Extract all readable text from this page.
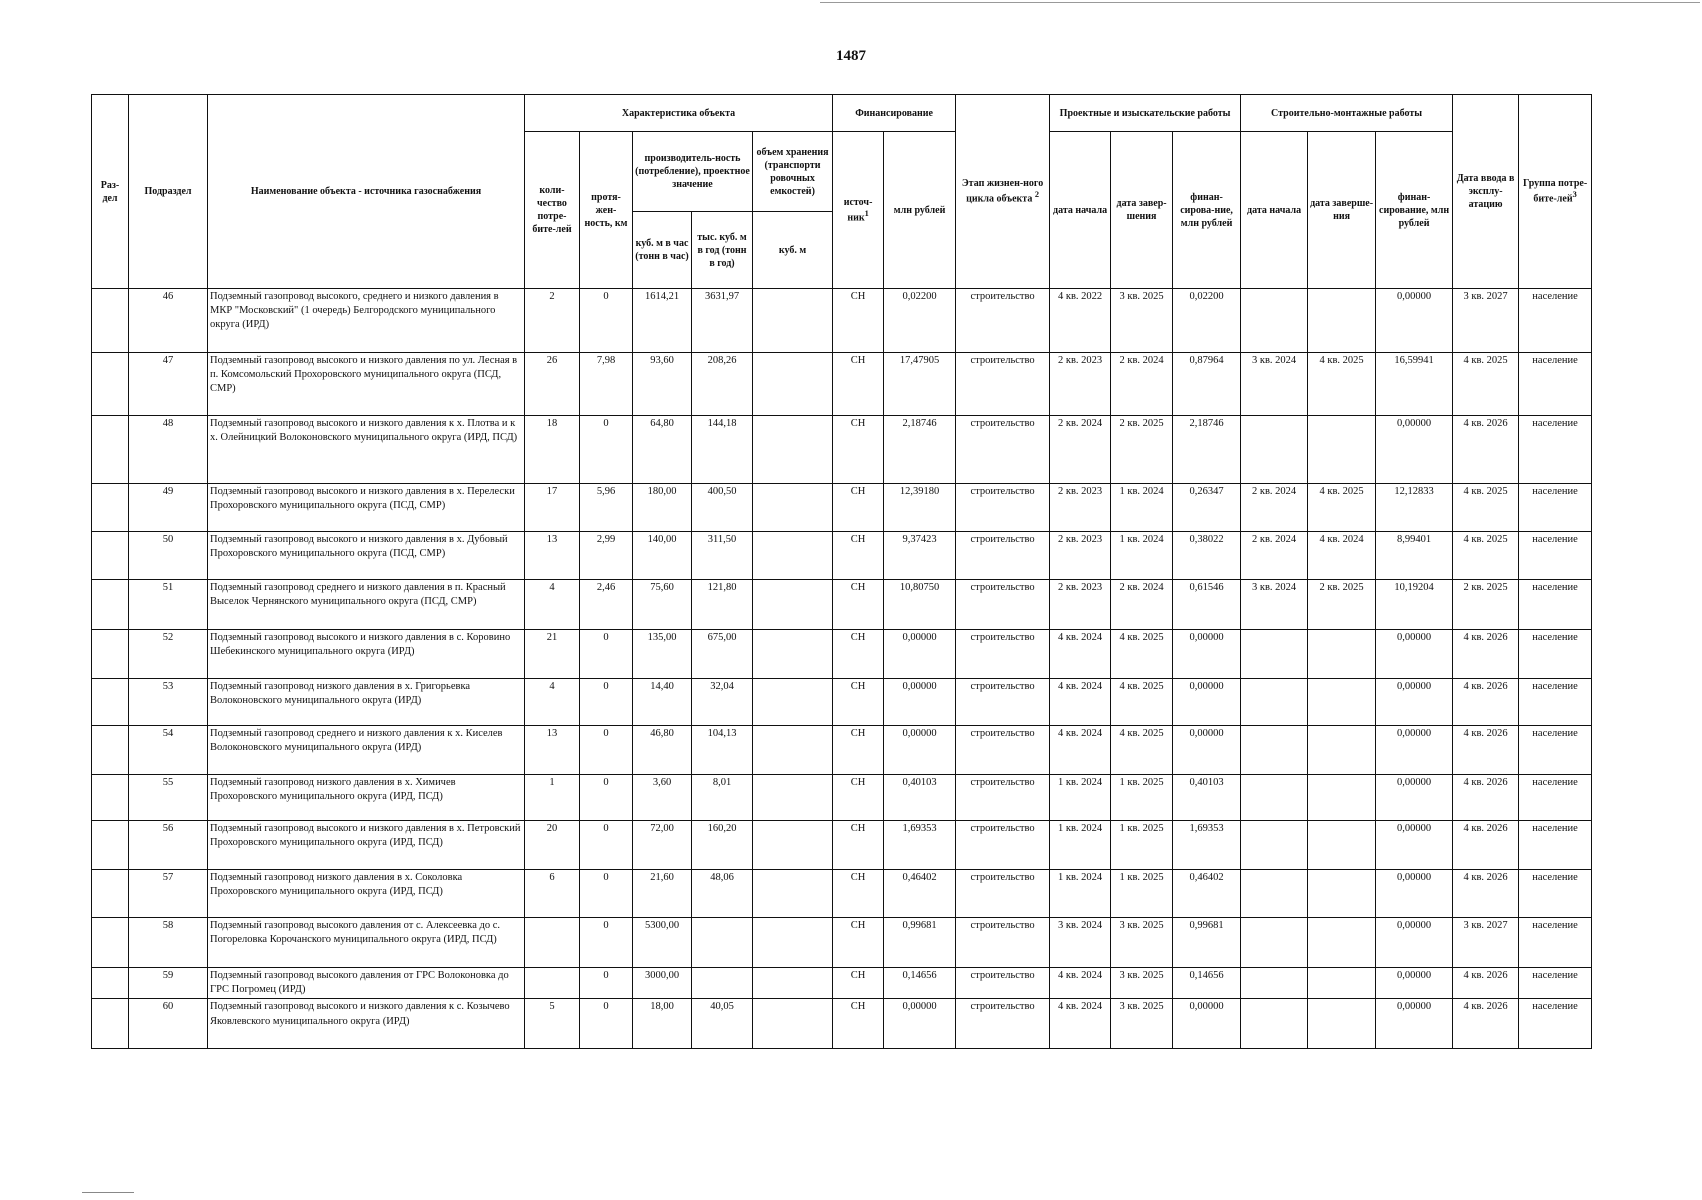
1487
Раз-дел	Подраздел	Наименование объекта - источника газоснабжения	Характеристика объекта					Финансирование		Этап жизнен-ного цикла объекта $^2$	Проектные и изыскательские работы			Строительно-монтажные работы			Дата ввода в эксплу-атацию	Группа потре-бите-лей$^3$
			коли-чество потре-бите-лей	протя-жен-ность, км	производитель-ность (потребление), проектное значение		объем хранения (транспорти ровочных емкостей)	источ-ник$^1$	млн рублей		дата начала	дата завер-шения	финан-сирова-ние, млн рублей	дата начала	дата заверше-ния	финан-сирование, млн рублей		
					куб. м в час (тонн в час)	тыс. куб. м в год (тонн в год)	куб. м											
	46	Подземный газопровод высокого, среднего и низкого давления в МКР "Московский" (1 очередь) Белгородского муниципального округа (ИРД)	2	0	1614,21	3631,97		СН	0,02200	строительство	4 кв. 2022	3 кв. 2025	0,02200			0,00000	3 кв. 2027	население
	47	Подземный газопровод высокого и низкого давления по ул. Лесная в п. Комсомольский Прохоровского муниципального округа (ПСД, СМР)	26	7,98	93,60	208,26		СН	17,47905	строительство	2 кв. 2023	2 кв. 2024	0,87964	3 кв. 2024	4 кв. 2025	16,59941	4 кв. 2025	население
	48	Подземный газопровод высокого и низкого давления к х. Плотва и к х. Олейницкий Волоконовского муниципального округа (ИРД, ПСД)	18	0	64,80	144,18		СН	2,18746	строительство	2 кв. 2024	2 кв. 2025	2,18746			0,00000	4 кв. 2026	население
	49	Подземный газопровод высокого и низкого давления в х. Перелески Прохоровского муниципального округа (ПСД, СМР)	17	5,96	180,00	400,50		СН	12,39180	строительство	2 кв. 2023	1 кв. 2024	0,26347	2 кв. 2024	4 кв. 2025	12,12833	4 кв. 2025	население
	50	Подземный газопровод высокого и низкого давления в х. Дубовый Прохоровского муниципального округа (ПСД, СМР)	13	2,99	140,00	311,50		СН	9,37423	строительство	2 кв. 2023	1 кв. 2024	0,38022	2 кв. 2024	4 кв. 2024	8,99401	4 кв. 2025	население
	51	Подземный газопровод среднего и низкого давления в п. Красный Выселок Чернянского муниципального округа (ПСД, СМР)	4	2,46	75,60	121,80		СН	10,80750	строительство	2 кв. 2023	2 кв. 2024	0,61546	3 кв. 2024	2 кв. 2025	10,19204	2 кв. 2025	население
	52	Подземный газопровод высокого и низкого давления в с. Коровино Шебекинского муниципального округа (ИРД)	21	0	135,00	675,00		СН	0,00000	строительство	4 кв. 2024	4 кв. 2025	0,00000			0,00000	4 кв. 2026	население
	53	Подземный газопровод низкого давления в х. Григорьевка Волоконовского муниципального округа (ИРД)	4	0	14,40	32,04		СН	0,00000	строительство	4 кв. 2024	4 кв. 2025	0,00000			0,00000	4 кв. 2026	население
	54	Подземный газопровод среднего и низкого давления к х. Киселев Волоконовского муниципального округа (ИРД)	13	0	46,80	104,13		СН	0,00000	строительство	4 кв. 2024	4 кв. 2025	0,00000			0,00000	4 кв. 2026	население
	55	Подземный газопровод низкого давления в х. Химичев Прохоровского муниципального округа (ИРД, ПСД)	1	0	3,60	8,01		СН	0,40103	строительство	1 кв. 2024	1 кв. 2025	0,40103			0,00000	4 кв. 2026	население
	56	Подземный газопровод высокого и низкого давления в х. Петровский Прохоровского муниципального округа (ИРД, ПСД)	20	0	72,00	160,20		СН	1,69353	строительство	1 кв. 2024	1 кв. 2025	1,69353			0,00000	4 кв. 2026	население
	57	Подземный газопровод низкого давления в х. Соколовка Прохоровского муниципального округа (ИРД, ПСД)	6	0	21,60	48,06		СН	0,46402	строительство	1 кв. 2024	1 кв. 2025	0,46402			0,00000	4 кв. 2026	население
	58	Подземный газопровод высокого давления от с. Алексеевка до с. Погореловка Корочанского муниципального округа (ИРД, ПСД)		0	5300,00			СН	0,99681	строительство	3 кв. 2024	3 кв. 2025	0,99681			0,00000	3 кв. 2027	население
	59	Подземный газопровод высокого давления от ГРС Волоконовка до ГРС Погромец (ИРД)		0	3000,00			СН	0,14656	строительство	4 кв. 2024	3 кв. 2025	0,14656			0,00000	4 кв. 2026	население
	60	Подземный газопровод высокого и низкого давления к с. Козычево Яковлевского муниципального округа (ИРД)	5	0	18,00	40,05		СН	0,00000	строительство	4 кв. 2024	3 кв. 2025	0,00000			0,00000	4 кв. 2026	население
